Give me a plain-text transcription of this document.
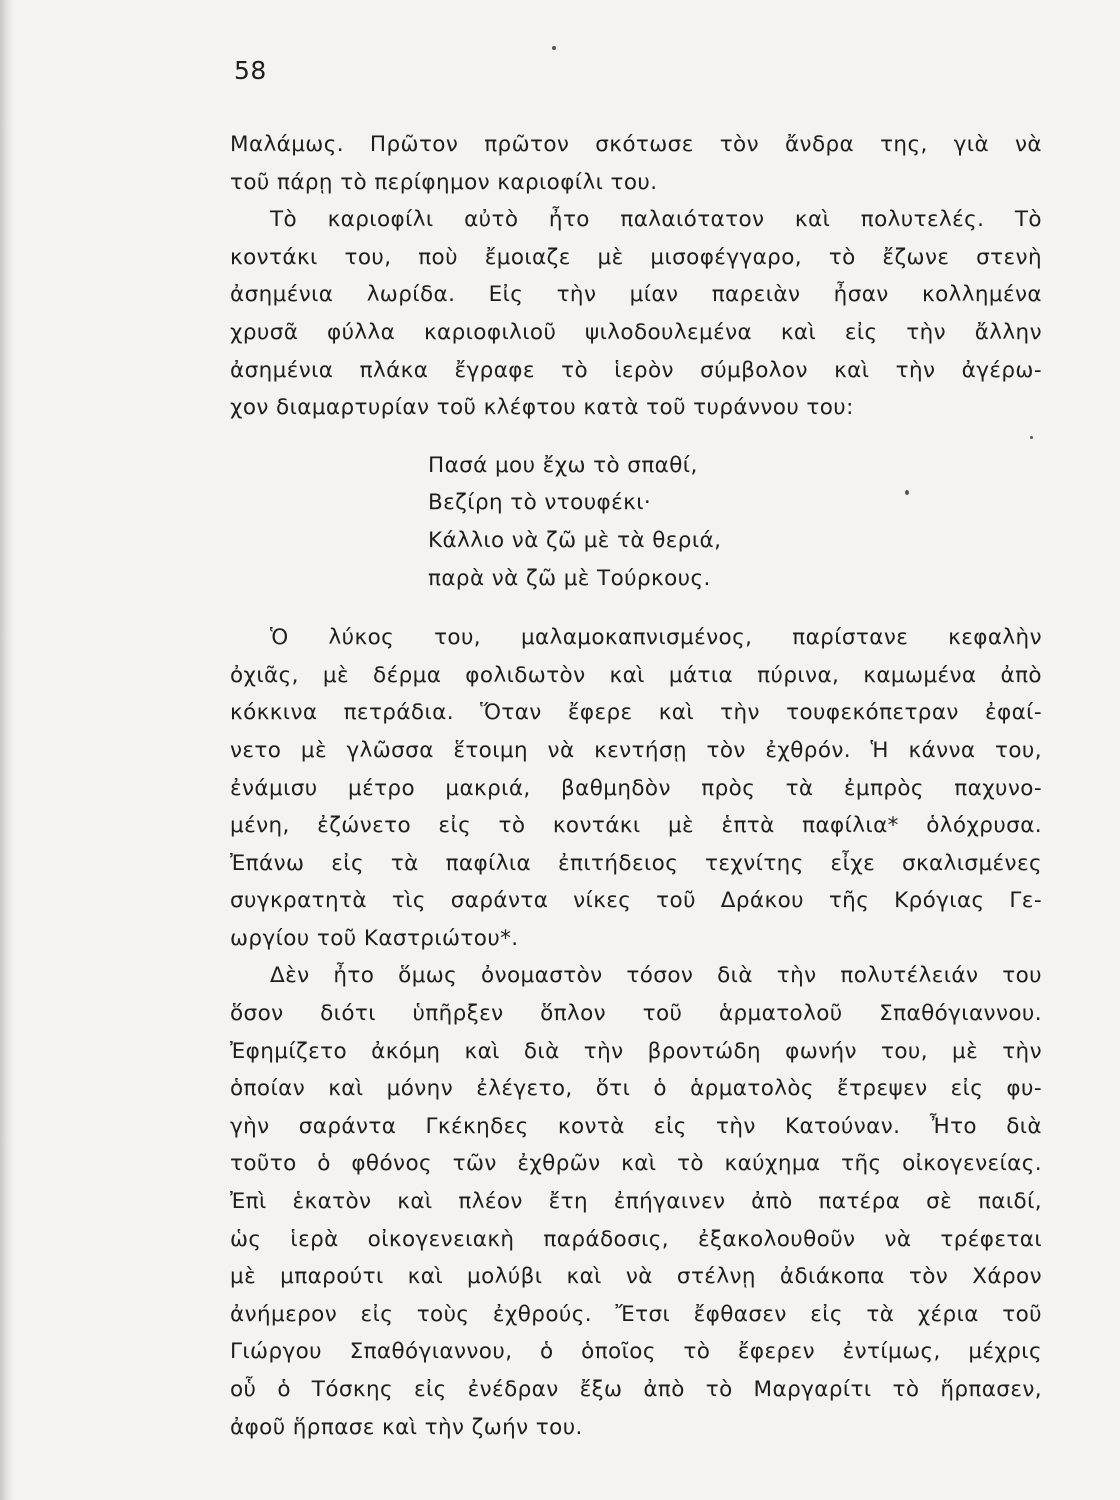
58
Μαλάμως. Πρῶτον πρῶτον σκότωσε τὸν ἄνδρα της, γιὰ νὰ
τοῦ πάρῃ τὸ περίφημον καριοφίλι του.
Τὸ καριοφίλι αὐτὸ ἦτο παλαιότατον καὶ πολυτελές. Τὸ
κοντάκι του, ποὺ ἔμοιαζε μὲ μισοφέγγαρο, τὸ ἔζωνε στενὴ
ἀσημένια λωρίδα. Εἰς τὴν μίαν παρειὰν ἦσαν κολλημένα
χρυσᾶ φύλλα καριοφιλιοῦ ψιλοδουλεμένα καὶ εἰς τὴν ἄλλην
ἀσημένια πλάκα ἔγραφε τὸ ἱερὸν σύμβολον καὶ τὴν ἀγέρω-
χον διαμαρτυρίαν τοῦ κλέφτου κατὰ τοῦ τυράννου του:
Πασά μου ἔχω τὸ σπαθί,
Βεζίρη τὸ ντουφέκι·
Κάλλιο νὰ ζῶ μὲ τὰ θεριά,
παρὰ νὰ ζῶ μὲ Τούρκους.
Ὁ λύκος του, μαλαμοκαπνισμένος, παρίστανε κεφαλὴν
ὀχιᾶς, μὲ δέρμα φολιδωτὸν καὶ μάτια πύρινα, καμωμένα ἀπὸ
κόκκινα πετράδια. Ὅταν ἔφερε καὶ τὴν τουφεκόπετραν ἐφαί-
νετο μὲ γλῶσσα ἕτοιμη νὰ κεντήσῃ τὸν ἐχθρόν. Ἡ κάννα του,
ἐνάμισυ μέτρο μακριά, βαθμηδὸν πρὸς τὰ ἐμπρὸς παχυνο-
μένη, ἐζώνετο εἰς τὸ κοντάκι μὲ ἑπτὰ παφίλια* ὁλόχρυσα.
Ἐπάνω εἰς τὰ παφίλια ἐπιτήδειος τεχνίτης εἶχε σκαλισμένες
συγκρατητὰ τὶς σαράντα νίκες τοῦ Δράκου τῆς Κρόγιας Γε-
ωργίου τοῦ Καστριώτου*.
Δὲν ἦτο ὅμως ὀνομαστὸν τόσον διὰ τὴν πολυτέλειάν του
ὅσον διότι ὑπῆρξεν ὅπλον τοῦ ἁρματολοῦ Σπαθόγιαννου.
Ἐφημίζετο ἀκόμη καὶ διὰ τὴν βροντώδη φωνήν του, μὲ τὴν
ὁποίαν καὶ μόνην ἐλέγετο, ὅτι ὁ ἁρματολὸς ἔτρεψεν εἰς φυ-
γὴν σαράντα Γκέκηδες κοντὰ εἰς τὴν Κατούναν. Ἦτο διὰ
τοῦτο ὁ φθόνος τῶν ἐχθρῶν καὶ τὸ καύχημα τῆς οἰκογενείας.
Ἐπὶ ἑκατὸν καὶ πλέον ἔτη ἐπήγαινεν ἀπὸ πατέρα σὲ παιδί,
ὡς ἱερὰ οἰκογενειακὴ παράδοσις, ἐξακολουθοῦν νὰ τρέφεται
μὲ μπαρούτι καὶ μολύβι καὶ νὰ στέλνῃ ἀδιάκοπα τὸν Χάρον
ἀνήμερον εἰς τοὺς ἐχθρούς. Ἔτσι ἔφθασεν εἰς τὰ χέρια τοῦ
Γιώργου Σπαθόγιαννου, ὁ ὁποῖος τὸ ἔφερεν ἐντίμως, μέχρις
οὗ ὁ Τόσκης εἰς ἐνέδραν ἔξω ἀπὸ τὸ Μαργαρίτι τὸ ἥρπασεν,
ἀφοῦ ἥρπασε καὶ τὴν ζωήν του.
